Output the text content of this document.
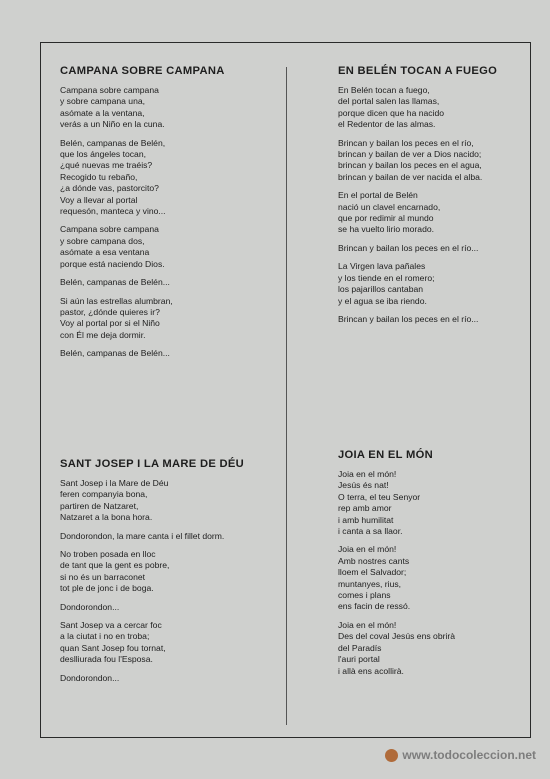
CAMPANA SOBRE CAMPANA
Campana sobre campana
y sobre campana una,
asómate a la ventana,
verás a un Niño en la cuna.
Belén, campanas de Belén,
que los ángeles tocan,
¿qué nuevas me traéis?
Recogido tu rebaño,
¿a dónde vas, pastorcito?
Voy a llevar al portal
requesón, manteca y vino...
Campana sobre campana
y sobre campana dos,
asómate a esa ventana
porque está naciendo Dios.
Belén, campanas de Belén...
Si aún las estrellas alumbran,
pastor, ¿dónde quieres ir?
Voy al portal por si el Niño
con Él me deja dormir.
Belén, campanas de Belén...
EN BELÉN TOCAN A FUEGO
En Belén tocan a fuego,
del portal salen las llamas,
porque dicen que ha nacido
el Redentor de las almas.
Brincan y bailan los peces en el río,
brincan y bailan de ver a Dios nacido;
brincan y bailan los peces en el agua,
brincan y bailan de ver nacida el alba.
En el portal de Belén
nació un clavel encarnado,
que por redimir al mundo
se ha vuelto lirio morado.
Brincan y bailan los peces en el río...
La Virgen lava pañales
y los tiende en el romero;
los pajarillos cantaban
y el agua se iba riendo.
Brincan y bailan los peces en el río...
SANT JOSEP I LA MARE DE DÉU
Sant Josep i la Mare de Déu
feren companyia bona,
partiren de Natzaret,
Natzaret a la bona hora.
Dondorondon, la mare canta i el fillet dorm.
No troben posada en lloc
de tant que la gent es pobre,
si no és un barraconet
tot ple de jonc i de boga.
Dondorondon...
Sant Josep va a cercar foc
a la ciutat i no en troba;
quan Sant Josep fou tornat,
deslliurada fou l'Esposa.
Dondorondon...
JOIA EN EL MÓN
Joia en el món!
Jesús és nat!
O terra, el teu Senyor
rep amb amor
i amb humilitat
i canta a sa llaor.
Joia en el món!
Amb nostres cants
lloem el Salvador;
muntanyes, rius,
comes i plans
ens facin de ressó.
Joia en el món!
Des del coval Jesús ens obrirà
del Paradís
l'auri portal
i allà ens acollirà.
www.todocoleccion.net
